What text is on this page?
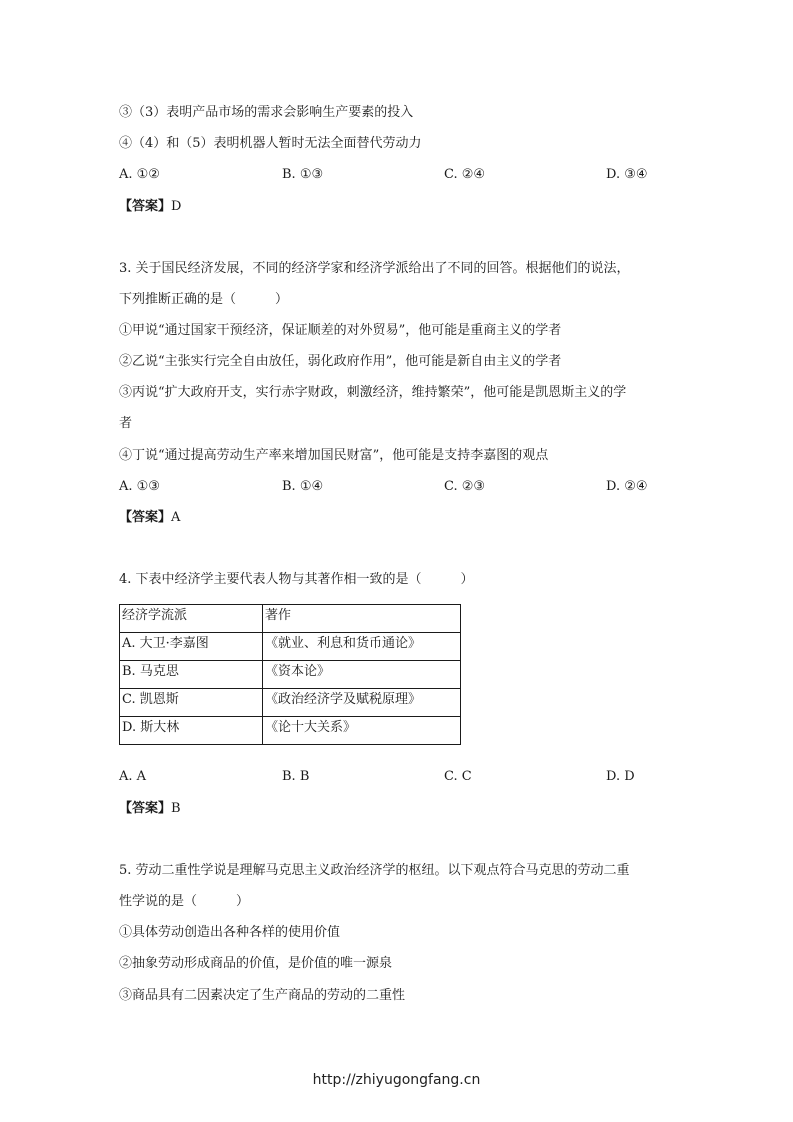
③（3）表明产品市场的需求会影响生产要素的投入
④（4）和（5）表明机器人暂时无法全面替代劳动力
A. ①②	B. ①③	C. ②④	D. ③④
【答案】D
3. 关于国民经济发展，不同的经济学家和经济学派给出了不同的回答。根据他们的说法，
下列推断正确的是（　　　）
①甲说“通过国家干预经济，保证顺差的对外贸易”，他可能是重商主义的学者
②乙说“主张实行完全自由放任，弱化政府作用”，他可能是新自由主义的学者
③丙说“扩大政府开支，实行赤字财政，刺激经济，维持繁荣”，他可能是凯恩斯主义的学
者
④丁说“通过提高劳动生产率来增加国民财富”，他可能是支持李嘉图的观点
A. ①③	B. ①④	C. ②③	D. ②④
【答案】A
4. 下表中经济学主要代表人物与其著作相一致的是（　　　）
经济学流派	著作
A. 大卫·李嘉图	《就业、利息和货币通论》
B. 马克思	《资本论》
C. 凯恩斯	《政治经济学及赋税原理》
D. 斯大林	《论十大关系》
A. A	B. B	C. C	D. D
【答案】B
5. 劳动二重性学说是理解马克思主义政治经济学的枢纽。以下观点符合马克思的劳动二重
性学说的是（　　　）
①具体劳动创造出各种各样的使用价值
②抽象劳动形成商品的价值，是价值的唯一源泉
③商品具有二因素决定了生产商品的劳动的二重性
http://zhiyugongfang.cn
